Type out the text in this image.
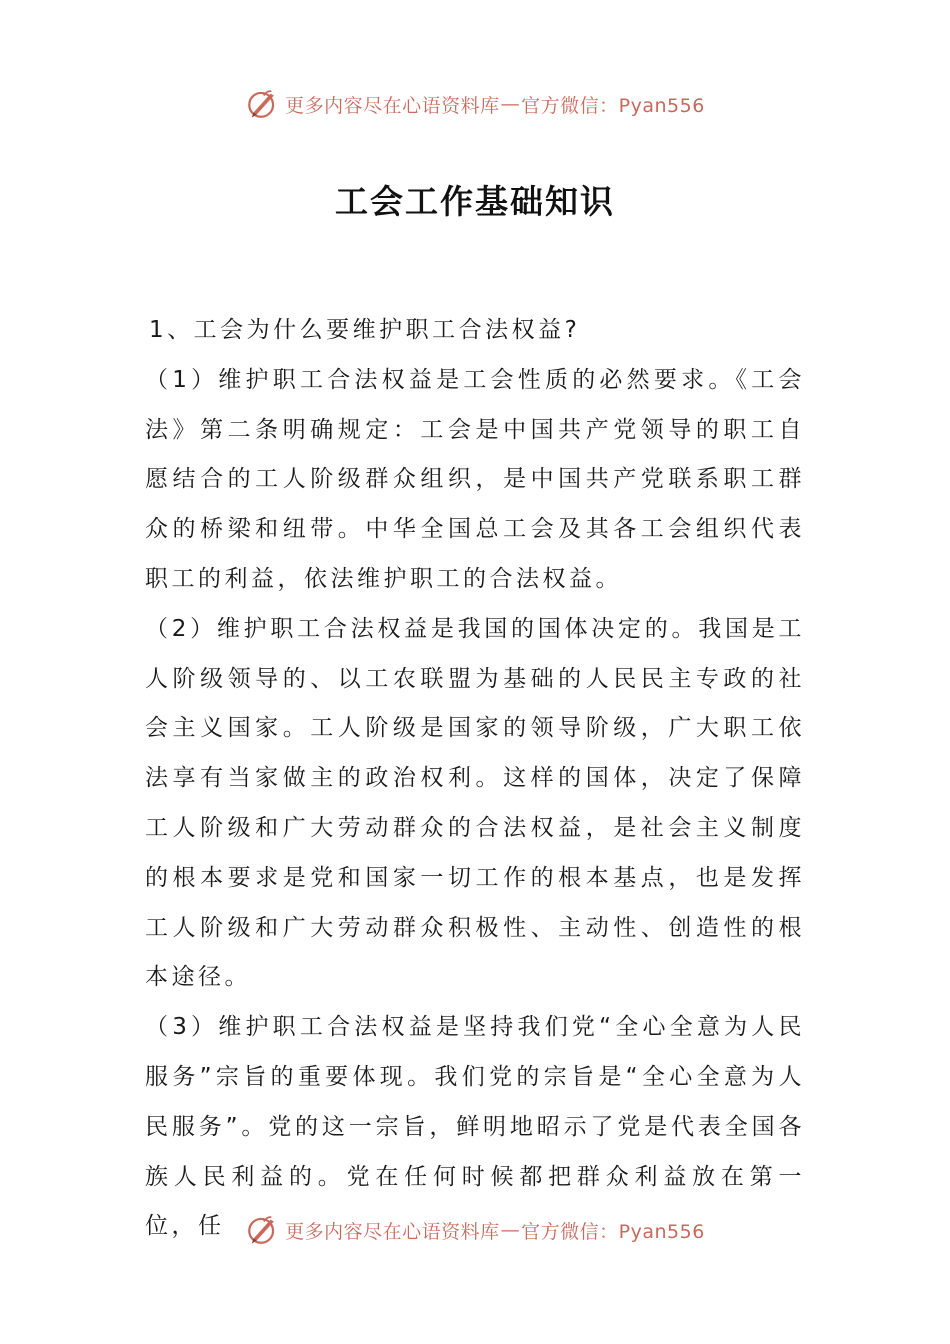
更多内容尽在心语资料库 — 官方微信：Pyan556
工会工作基础知识

1、工会为什么要维护职工合法权益?

（1）维护职工合法权益是工会性质的必然要求。《工会法》第二条明确规定：工会是中国共产党领导的职工自愿结合的工人阶级群众组织，是中国共产党联系职工群众的桥梁和纽带。中华全国总工会及其各工会组织代表职工的利益，依法维护职工的合法权益。

（2）维护职工合法权益是我国的国体决定的。我国是工人阶级领导的、以工农联盟为基础的人民民主专政的社会主义国家。工人阶级是国家的领导阶级，广大职工依法享有当家做主的政治权利。这样的国体，决定了保障工人阶级和广大劳动群众的合法权益，是社会主义制度的根本要求是党和国家一切工作的根本基点，也是发挥工人阶级和广大劳动群众积极性、主动性、创造性的根本途径。

（3）维护职工合法权益是坚持我们党“全心全意为人民服务”宗旨的重要体现。我们党的宗旨是“全心全意为人民服务”。党的这一宗旨，鲜明地昭示了党是代表全国各族人民利益的。党在任何时候都把群众利益放在第一位，任	更多内容尽在心语资料库 — 官方微信：Pyan556
